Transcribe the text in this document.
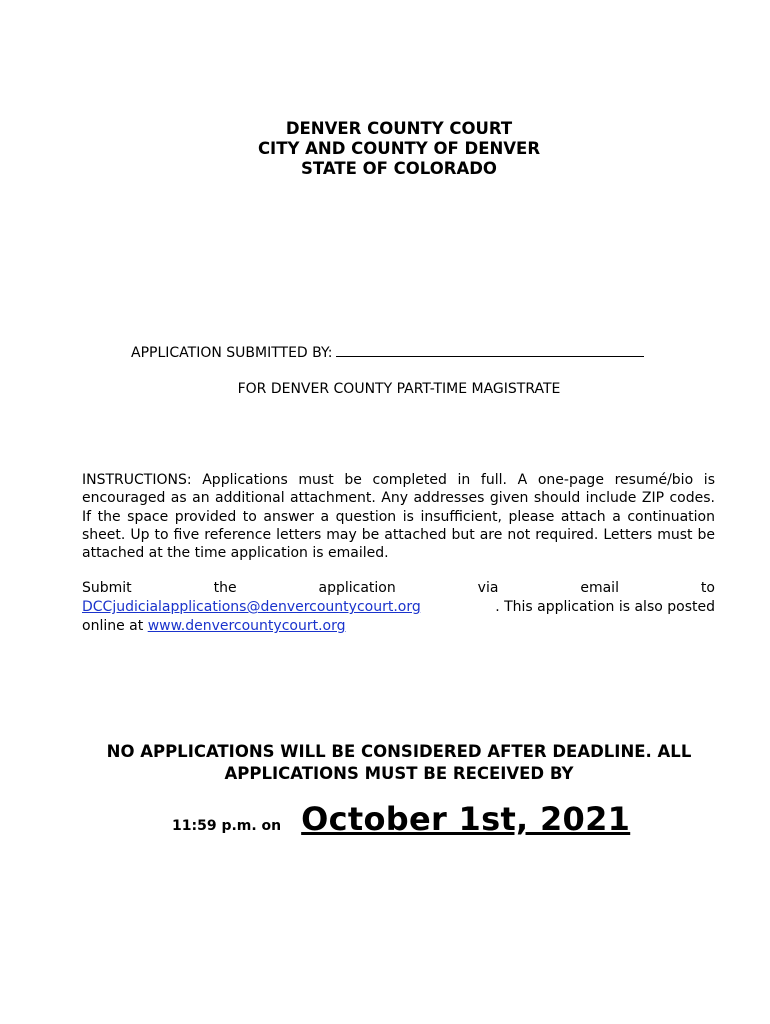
DENVER COUNTY COURT
CITY AND COUNTY OF DENVER
STATE OF COLORADO
APPLICATION SUBMITTED BY:
FOR DENVER COUNTY PART-TIME MAGISTRATE
INSTRUCTIONS: Applications must be completed in full. A one-page resumé/bio is encouraged as an additional attachment. Any addresses given should include ZIP codes. If the space provided to answer a question is insufficient, please attach a continuation sheet. Up to five reference letters may be attached but are not required. Letters must be attached at the time application is emailed.
Submit	the	application	via	email	to
DCCjudicialapplications@denvercountycourt.org	. This application is also posted
online at www.denvercountycourt.org
NO APPLICATIONS WILL BE CONSIDERED AFTER DEADLINE. ALL
APPLICATIONS MUST BE RECEIVED BY
11:59 p.m. on October 1st, 2021
